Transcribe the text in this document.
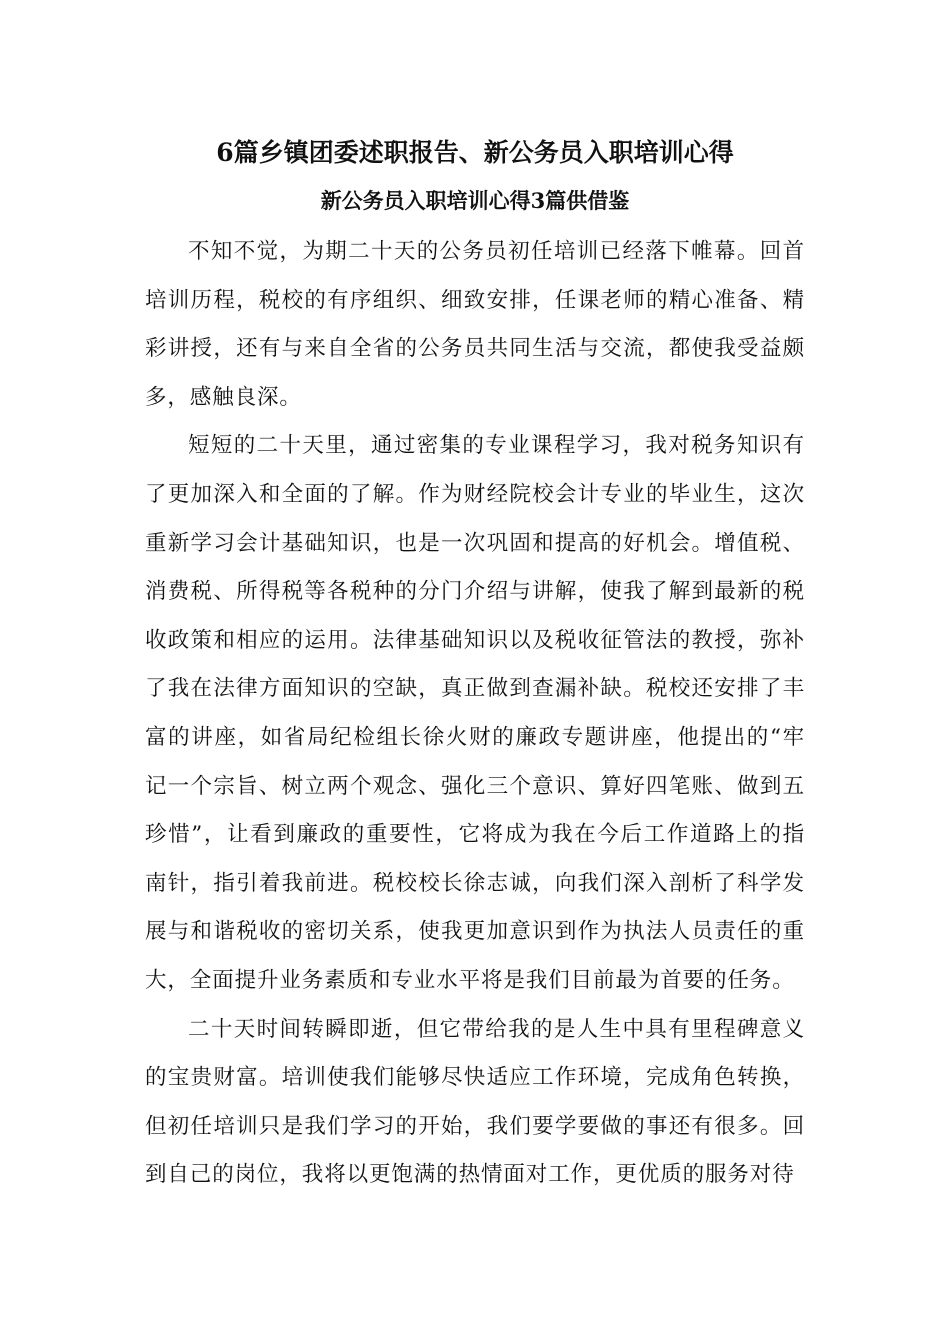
6篇乡镇团委述职报告、新公务员入职培训心得
新公务员入职培训心得3篇供借鉴

不知不觉，为期二十天的公务员初任培训已经落下帷幕。回首培训历程，税校的有序组织、细致安排，任课老师的精心准备、精彩讲授，还有与来自全省的公务员共同生活与交流，都使我受益颇多，感触良深。

短短的二十天里，通过密集的专业课程学习，我对税务知识有了更加深入和全面的了解。作为财经院校会计专业的毕业生，这次重新学习会计基础知识，也是一次巩固和提高的好机会。增值税、消费税、所得税等各税种的分门介绍与讲解，使我了解到最新的税收政策和相应的运用。法律基础知识以及税收征管法的教授，弥补了我在法律方面知识的空缺，真正做到查漏补缺。税校还安排了丰富的讲座，如省局纪检组长徐火财的廉政专题讲座，他提出的“牢记一个宗旨、树立两个观念、强化三个意识、算好四笔账、做到五珍惜”，让看到廉政的重要性，它将成为我在今后工作道路上的指南针，指引着我前进。税校校长徐志诚，向我们深入剖析了科学发展与和谐税收的密切关系，使我更加意识到作为执法人员责任的重大，全面提升业务素质和专业水平将是我们目前最为首要的任务。

二十天时间转瞬即逝，但它带给我的是人生中具有里程碑意义的宝贵财富。培训使我们能够尽快适应工作环境，完成角色转换，但初任培训只是我们学习的开始，我们要学要做的事还有很多。回到自己的岗位，我将以更饱满的热情面对工作，更优质的服务对待
